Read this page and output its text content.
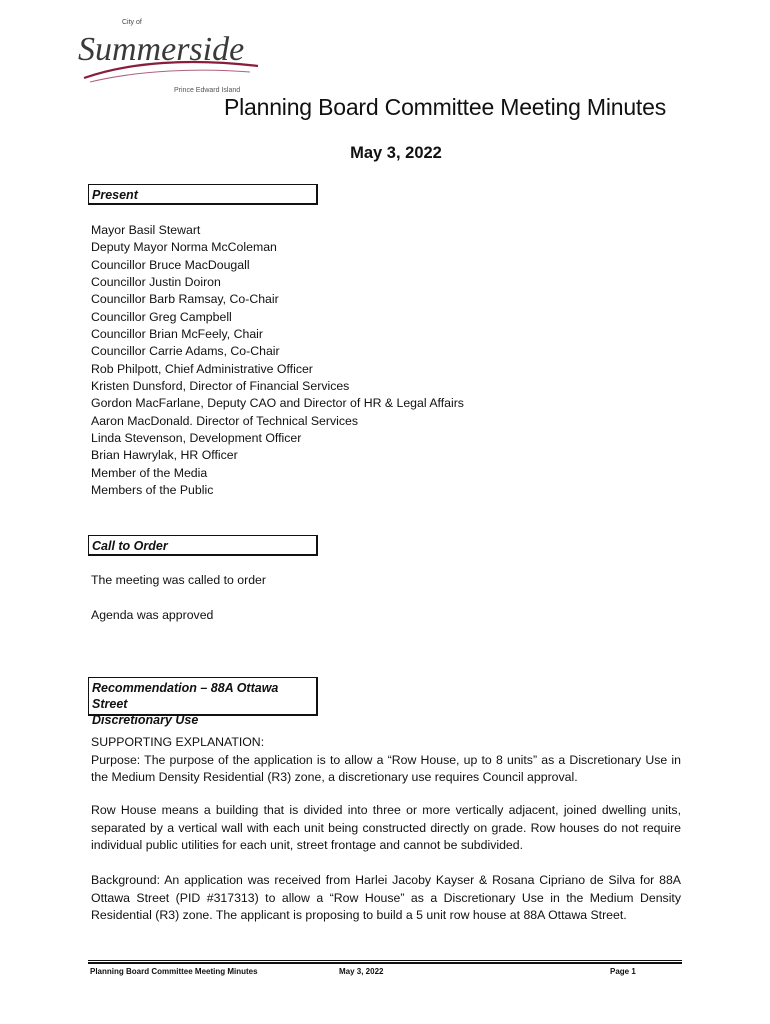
City of
Summerside
Prince Edward Island
Planning Board Committee Meeting Minutes
May 3, 2022
Present
Mayor Basil Stewart
Deputy Mayor Norma McColeman
Councillor Bruce MacDougall
Councillor Justin Doiron
Councillor Barb Ramsay, Co-Chair
Councillor Greg Campbell
Councillor Brian McFeely, Chair
Councillor Carrie Adams, Co-Chair
Rob Philpott, Chief Administrative Officer
Kristen Dunsford, Director of Financial Services
Gordon MacFarlane, Deputy CAO and Director of HR & Legal Affairs
Aaron MacDonald. Director of Technical Services
Linda Stevenson, Development Officer
Brian Hawrylak, HR Officer
Member of the Media
Members of the Public
Call to Order
The meeting was called to order
Agenda was approved
Recommendation – 88A Ottawa Street
Discretionary Use
SUPPORTING EXPLANATION:
Purpose: The purpose of the application is to allow a “Row House, up to 8 units” as a Discretionary Use in the Medium Density Residential (R3) zone, a discretionary use requires Council approval.
Row House means a building that is divided into three or more vertically adjacent, joined dwelling units, separated by a vertical wall with each unit being constructed directly on grade. Row houses do not require individual public utilities for each unit, street frontage and cannot be subdivided.
Background: An application was received from Harlei Jacoby Kayser & Rosana Cipriano de Silva for 88A Ottawa Street (PID #317313) to allow a “Row House” as a Discretionary Use in the Medium Density Residential (R3) zone. The applicant is proposing to build a 5 unit row house at 88A Ottawa Street.
Planning Board Committee Meeting Minutes	May 3, 2022	Page 1
